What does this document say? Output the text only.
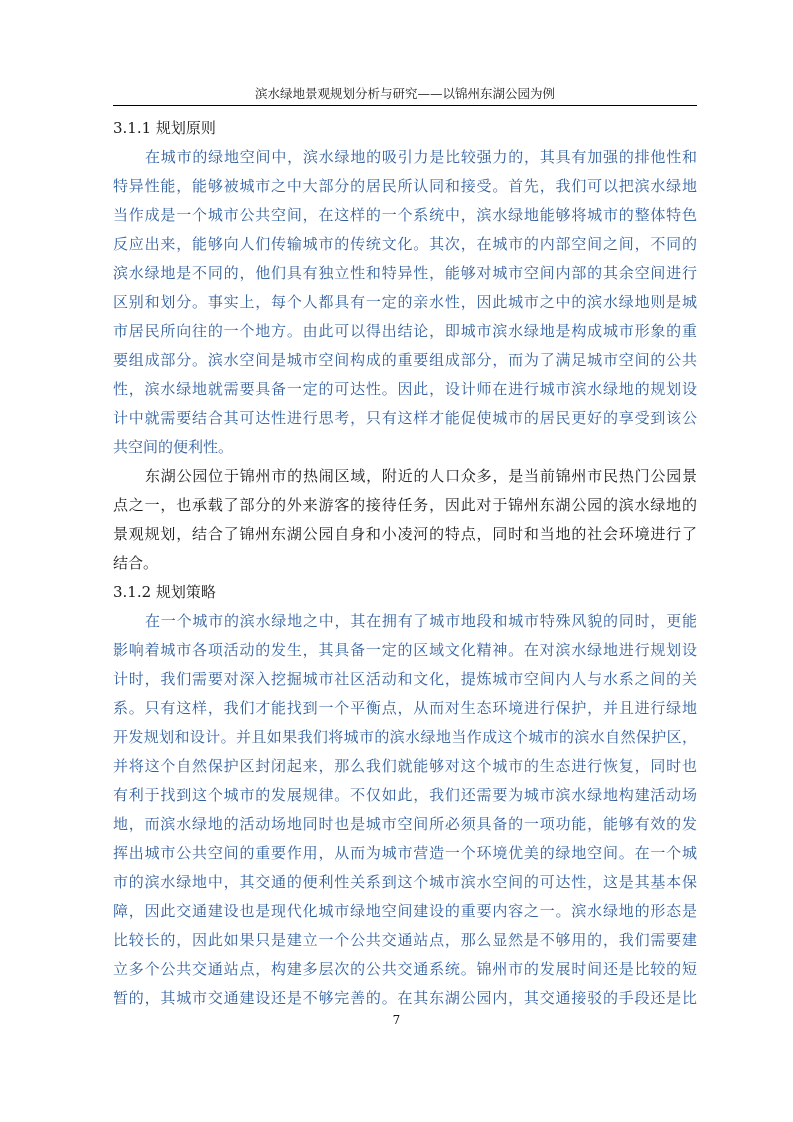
滨水绿地景观规划分析与研究——以锦州东湖公园为例
3.1.1 规划原则
在城市的绿地空间中，滨水绿地的吸引力是比较强力的，其具有加强的排他性和
特异性能，能够被城市之中大部分的居民所认同和接受。首先，我们可以把滨水绿地
当作成是一个城市公共空间，在这样的一个系统中，滨水绿地能够将城市的整体特色
反应出来，能够向人们传输城市的传统文化。其次，在城市的内部空间之间，不同的
滨水绿地是不同的，他们具有独立性和特异性，能够对城市空间内部的其余空间进行
区别和划分。事实上，每个人都具有一定的亲水性，因此城市之中的滨水绿地则是城
市居民所向往的一个地方。由此可以得出结论，即城市滨水绿地是构成城市形象的重
要组成部分。滨水空间是城市空间构成的重要组成部分，而为了满足城市空间的公共
性，滨水绿地就需要具备一定的可达性。因此，设计师在进行城市滨水绿地的规划设
计中就需要结合其可达性进行思考，只有这样才能促使城市的居民更好的享受到该公
共空间的便利性。
东湖公园位于锦州市的热闹区域，附近的人口众多，是当前锦州市民热门公园景
点之一，也承载了部分的外来游客的接待任务，因此对于锦州东湖公园的滨水绿地的
景观规划，结合了锦州东湖公园自身和小凌河的特点，同时和当地的社会环境进行了
结合。
3.1.2 规划策略
在一个城市的滨水绿地之中，其在拥有了城市地段和城市特殊风貌的同时，更能
影响着城市各项活动的发生，其具备一定的区域文化精神。在对滨水绿地进行规划设
计时，我们需要对深入挖掘城市社区活动和文化，提炼城市空间内人与水系之间的关
系。只有这样，我们才能找到一个平衡点，从而对生态环境进行保护，并且进行绿地
开发规划和设计。并且如果我们将城市的滨水绿地当作成这个城市的滨水自然保护区，
并将这个自然保护区封闭起来，那么我们就能够对这个城市的生态进行恢复，同时也
有利于找到这个城市的发展规律。不仅如此，我们还需要为城市滨水绿地构建活动场
地，而滨水绿地的活动场地同时也是城市空间所必须具备的一项功能，能够有效的发
挥出城市公共空间的重要作用，从而为城市营造一个环境优美的绿地空间。在一个城
市的滨水绿地中，其交通的便利性关系到这个城市滨水空间的可达性，这是其基本保
障，因此交通建设也是现代化城市绿地空间建设的重要内容之一。滨水绿地的形态是
比较长的，因此如果只是建立一个公共交通站点，那么显然是不够用的，我们需要建
立多个公共交通站点，构建多层次的公共交通系统。锦州市的发展时间还是比较的短
暂的，其城市交通建设还是不够完善的。在其东湖公园内，其交通接驳的手段还是比
7
